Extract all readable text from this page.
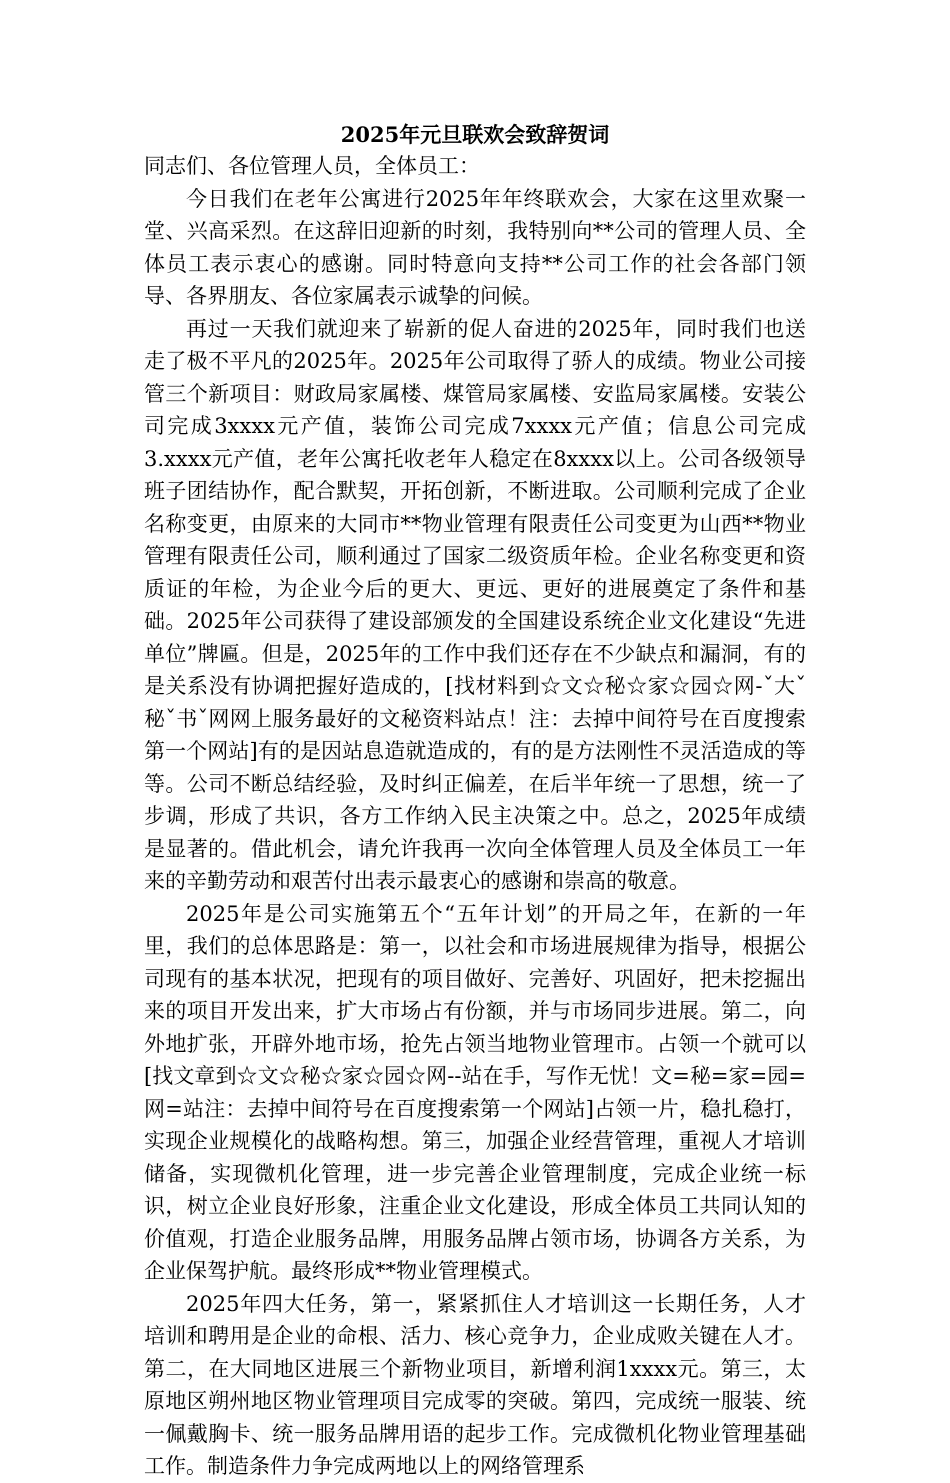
2025年元旦联欢会致辞贺词

同志们、各位管理人员，全体员工：

今日我们在老年公寓进行2025年年终联欢会，大家在这里欢聚一堂、兴高采烈。在这辞旧迎新的时刻，我特别向**公司的管理人员、全体员工表示衷心的感谢。同时特意向支持**公司工作的社会各部门领导、各界朋友、各位家属表示诚挚的问候。

再过一天我们就迎来了崭新的促人奋进的2025年，同时我们也送走了极不平凡的2025年。2025年公司取得了骄人的成绩。物业公司接管三个新项目：财政局家属楼、煤管局家属楼、安监局家属楼。安装公司完成3xxxx元产值，装饰公司完成7xxxx元产值；信息公司完成3.xxxx元产值，老年公寓托收老年人稳定在8xxxx以上。公司各级领导班子团结协作，配合默契，开拓创新，不断进取。公司顺利完成了企业名称变更，由原来的大同市**物业管理有限责任公司变更为山西**物业管理有限责任公司，顺利通过了国家二级资质年检。企业名称变更和资质证的年检，为企业今后的更大、更远、更好的进展奠定了条件和基础。2025年公司获得了建设部颁发的全国建设系统企业文化建设“先进单位”牌匾。但是，2025年的工作中我们还存在不少缺点和漏洞，有的是关系没有协调把握好造成的，[找材料到☆文☆秘☆家☆园☆网-ˇ大ˇ秘ˇ书ˇ网网上服务最好的文秘资料站点！注：去掉中间符号在百度搜索第一个网站]有的是因站息造就造成的，有的是方法刚性不灵活造成的等等。公司不断总结经验，及时纠正偏差，在后半年统一了思想，统一了步调，形成了共识，各方工作纳入民主决策之中。总之，2025年成绩是显著的。借此机会，请允许我再一次向全体管理人员及全体员工一年来的辛勤劳动和艰苦付出表示最衷心的感谢和崇高的敬意。

2025年是公司实施第五个“五年计划”的开局之年，在新的一年里，我们的总体思路是：第一，以社会和市场进展规律为指导，根据公司现有的基本状况，把现有的项目做好、完善好、巩固好，把未挖掘出来的项目开发出来，扩大市场占有份额，并与市场同步进展。第二，向外地扩张，开辟外地市场，抢先占领当地物业管理市。占领一个就可以[找文章到☆文☆秘☆家☆园☆网--站在手，写作无忧！文=秘=家=园=网=站注：去掉中间符号在百度搜索第一个网站]占领一片，稳扎稳打，实现企业规模化的战略构想。第三，加强企业经营管理，重视人才培训储备，实现微机化管理，进一步完善企业管理制度，完成企业统一标识，树立企业良好形象，注重企业文化建设，形成全体员工共同认知的价值观，打造企业服务品牌，用服务品牌占领市场，协调各方关系，为企业保驾护航。最终形成**物业管理模式。

2025年四大任务，第一，紧紧抓住人才培训这一长期任务，人才培训和聘用是企业的命根、活力、核心竞争力，企业成败关键在人才。第二，在大同地区进展三个新物业项目，新增利润1xxxx元。第三，太原地区朔州地区物业管理项目完成零的突破。第四，完成统一服装、统一佩戴胸卡、统一服务品牌用语的起步工作。完成微机化物业管理基础工作。制造条件力争完成两地以上的网络管理系
